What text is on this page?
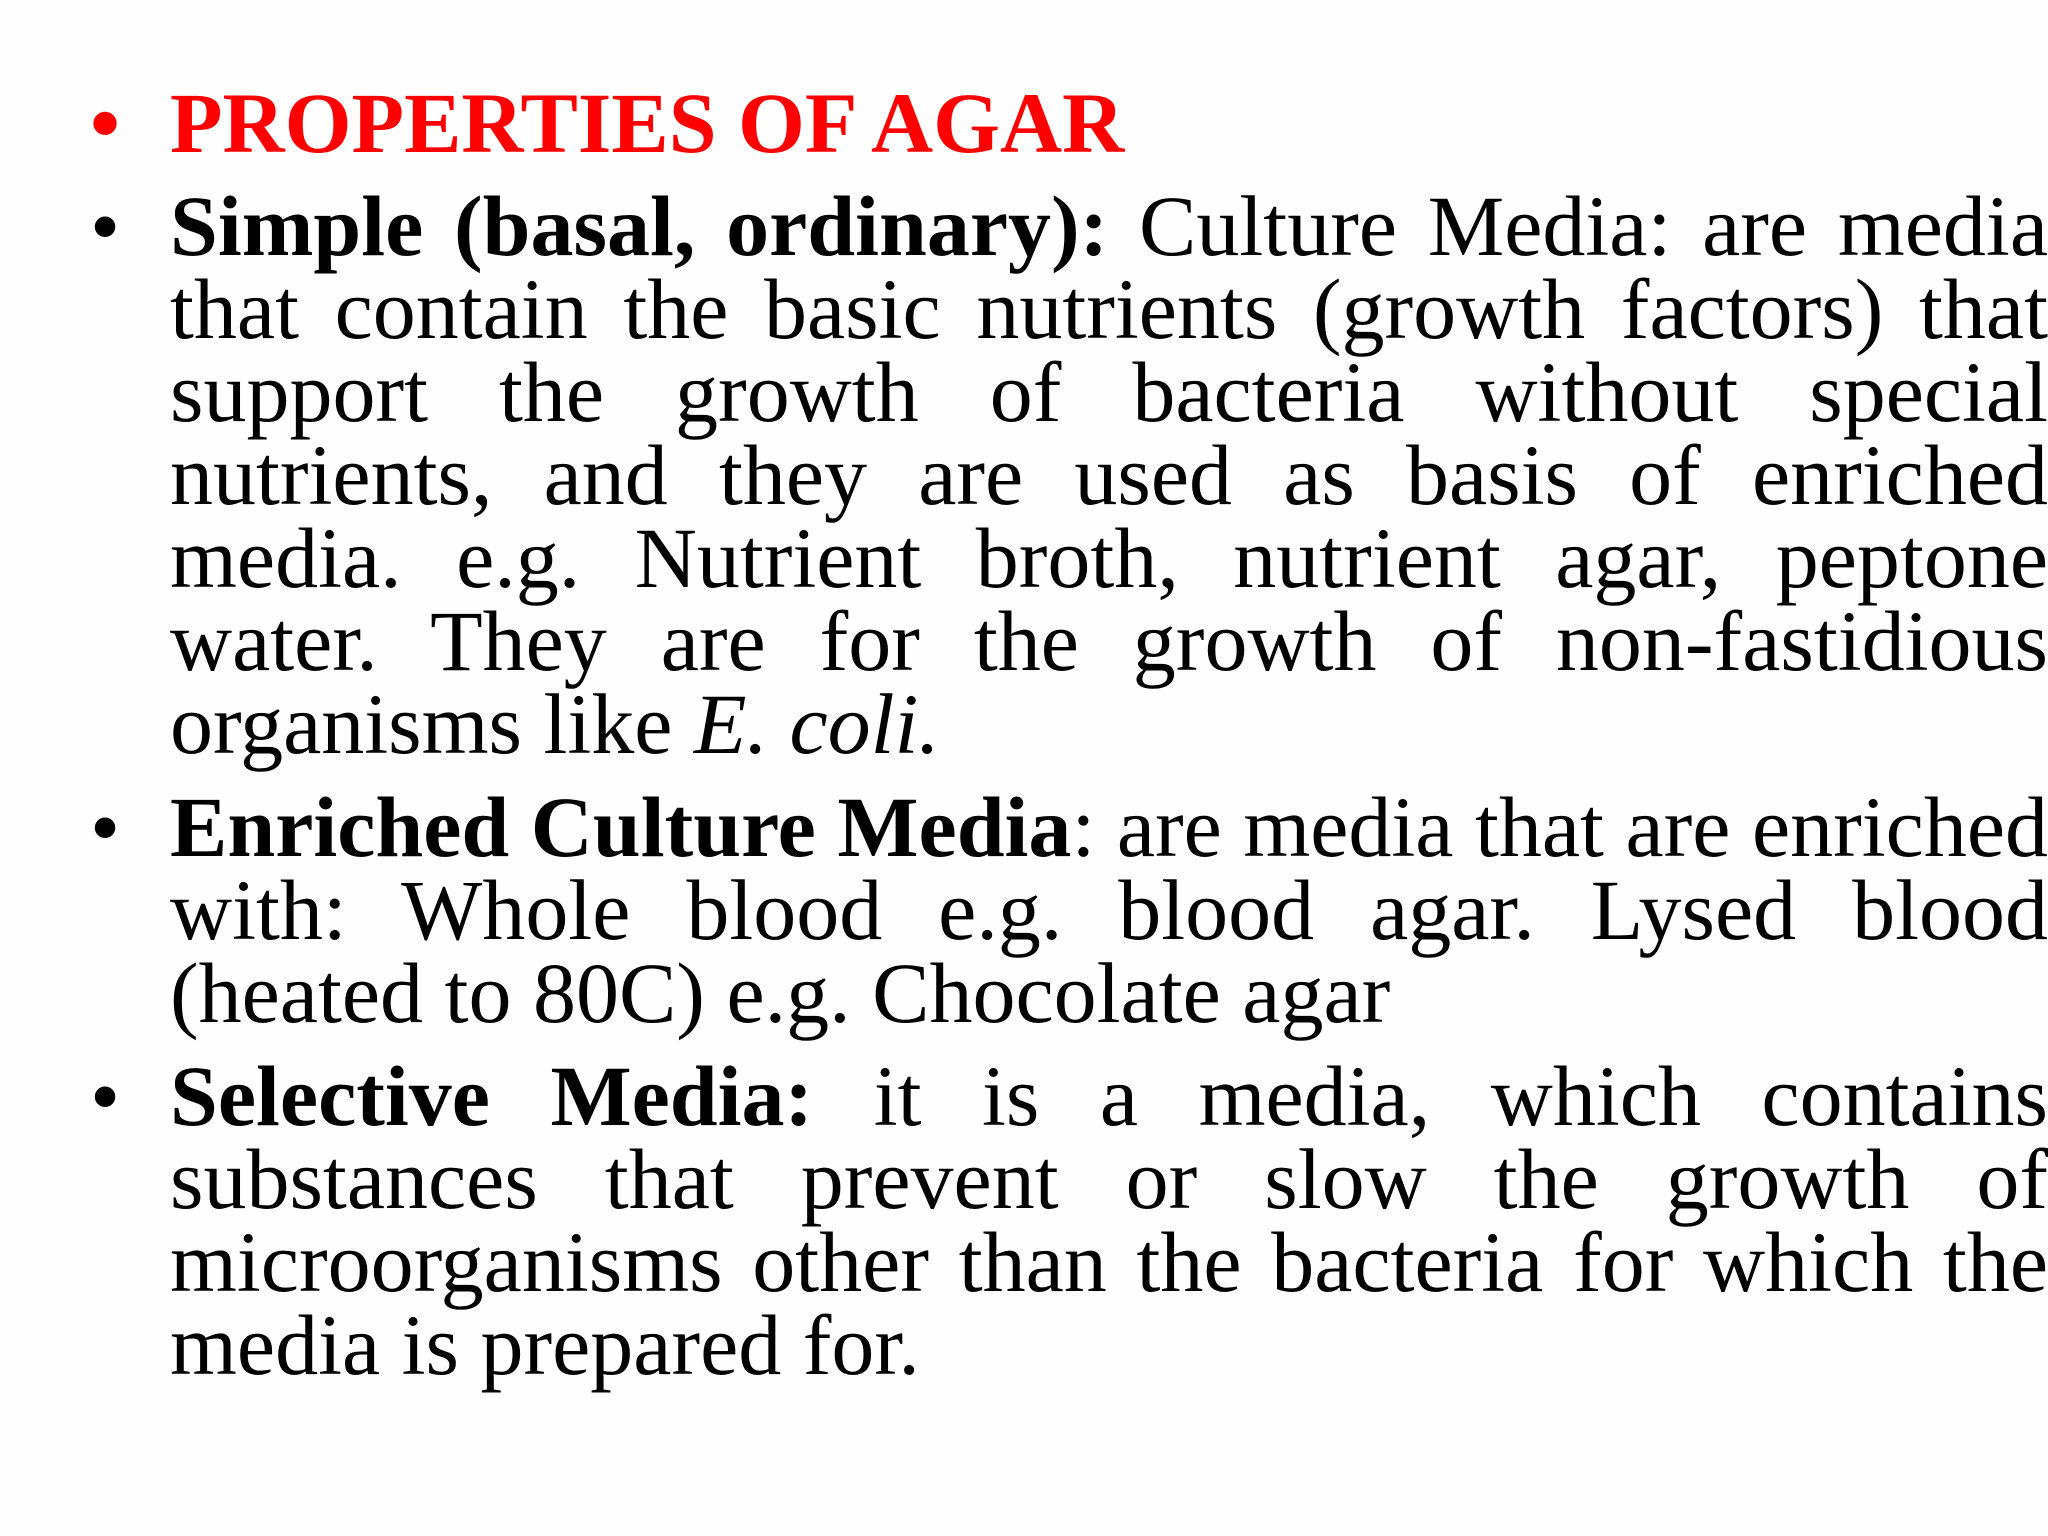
• PROPERTIES OF AGAR
• Simple (basal, ordinary): Culture Media: are media that contain the basic nutrients (growth factors) that support the growth of bacteria without special nutrients, and they are used as basis of enriched media. e.g. Nutrient broth, nutrient agar, peptone water. They are for the growth of non-fastidious organisms like E. coli.
• Enriched Culture Media: are media that are enriched with: Whole blood e.g. blood agar. Lysed blood (heated to 80C) e.g. Chocolate agar
• Selective Media: it is a media, which contains substances that prevent or slow the growth of microorganisms other than the bacteria for which the media is prepared for.
